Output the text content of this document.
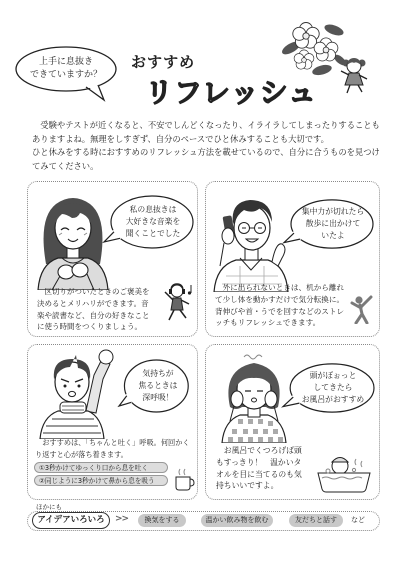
上手に息抜き
できていますか？
おすすめ
リフレッシュ

受験やテストが近くなると、不安でしんどくなったり、イライラしてしまったりすることもありますよね。無理をしすぎず、自分のペースでひと休みすることも大切です。

ひと休みをする時におすすめのリフレッシュ方法を載せているので、自分に合うものを見つけてみてください。

私の息抜きは
大好きな音楽を
聞くことでした

区切りがついたときのご褒美を決めるとメリハリができます。音楽や読書など、自分の好きなことに使う時間をつくりましょう。

集中力が切れたら
散歩に出かけて
いたよ

外に出られないときは、机から離れて少し体を動かすだけで気分転換に。背伸びや首・うでを回すなどのストレッチもリフレッシュできます。

気持ちが
焦るときは
深呼吸！

おすすめは、「ちゃんと吐く」呼吸。何回かくり返すと心が落ち着きます。

①3秒かけてゆっくり口から息を吐く
②同じように3秒かけて鼻から息を吸う
頭がぼぉっと
してきたら
お風呂がおすすめ

お風呂でくつろげば頭もすっきり！　温かいタオルを目に当てるのも気持ちいいですよ。

アイデアいろいろ
ほかにも
>>	換気をする	温かい飲み物を飲む	友だちと話す	など
